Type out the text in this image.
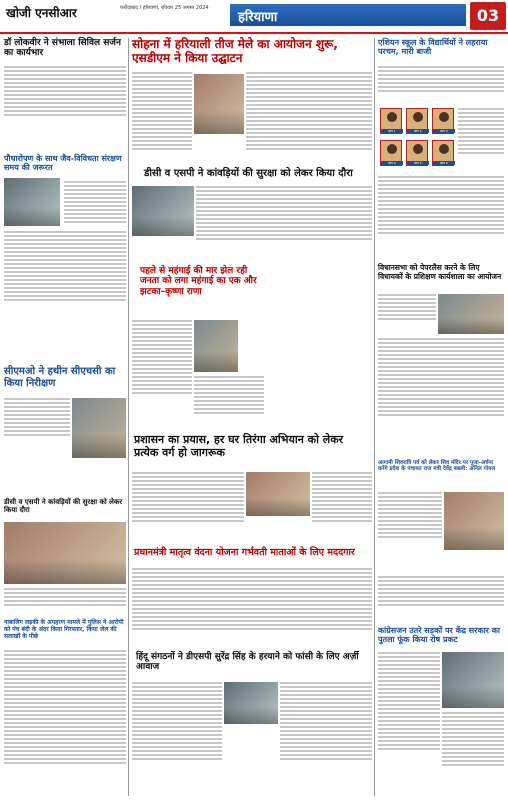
खोजी एनसीआर	फरीदाबाद / हरियाणा, रविवार 25 अगस्त 2024
हरियाणा	03
डॉ लोकवीर ने संभाला सिविल सर्जन का कार्यभार
पौधारोपण के साथ जैव-विविधता संरक्षण समय की जरूरत
सीएमओ ने हथीन सीएचसी का किया निरीक्षण
डीसी व एसपी ने कांवड़ियों की सुरक्षा को लेकर किया दौरा
नाबालिग लड़की के अपहरण मामले में पुलिस ने आरोपी को पंच बंदी के अंदर किया गिरफ्तार, किया जेल की सलाखों के पीछे
सोहना में हरियाली तीज मेले का आयोजन शुरू, एसडीएम ने किया उद्घाटन
डीसी व एसपी ने कांवड़ियों की सुरक्षा को लेकर किया दौरा
पहले से महंगाई की मार झेल रही जनता को लगा महंगाई का एक और झटका–कृष्णा राणा
प्रशासन का प्रयास, हर घर तिरंगा अभियान को लेकर प्रत्येक वर्ग हो जागरूक
प्रधानमंत्री मातृत्व वंदना योजना गर्भवती माताओं के लिए मददगार
हिंदू संगठनों ने डीएसपी सुरेंद्र सिंह के हरयाने को फांसी के लिए अर्ज़ी आवाज
एशियन स्कूल के विद्यार्थियों ने लहराया परचम, मारी बाजी
छात्र 1	छात्र 2	छात्र 3
छात्र 4	छात्र 5	छात्र 6
विधानसभा को पेपरलैस करने के लिए विधायकों के प्रशिक्षण कार्यशाला का आयोजन
आगामी शिवरात्रि पर्व को लेकर शिव मंदिर पर पूजा-अर्चना करेंगे प्रदेश के पंचायत राज मंत्री देवेंद्र बबली: अनिल गोयल
कांग्रेसजन उतरे सड़कों पर केंद्र सरकार का पुतला फूंक किया रोष प्रकट
